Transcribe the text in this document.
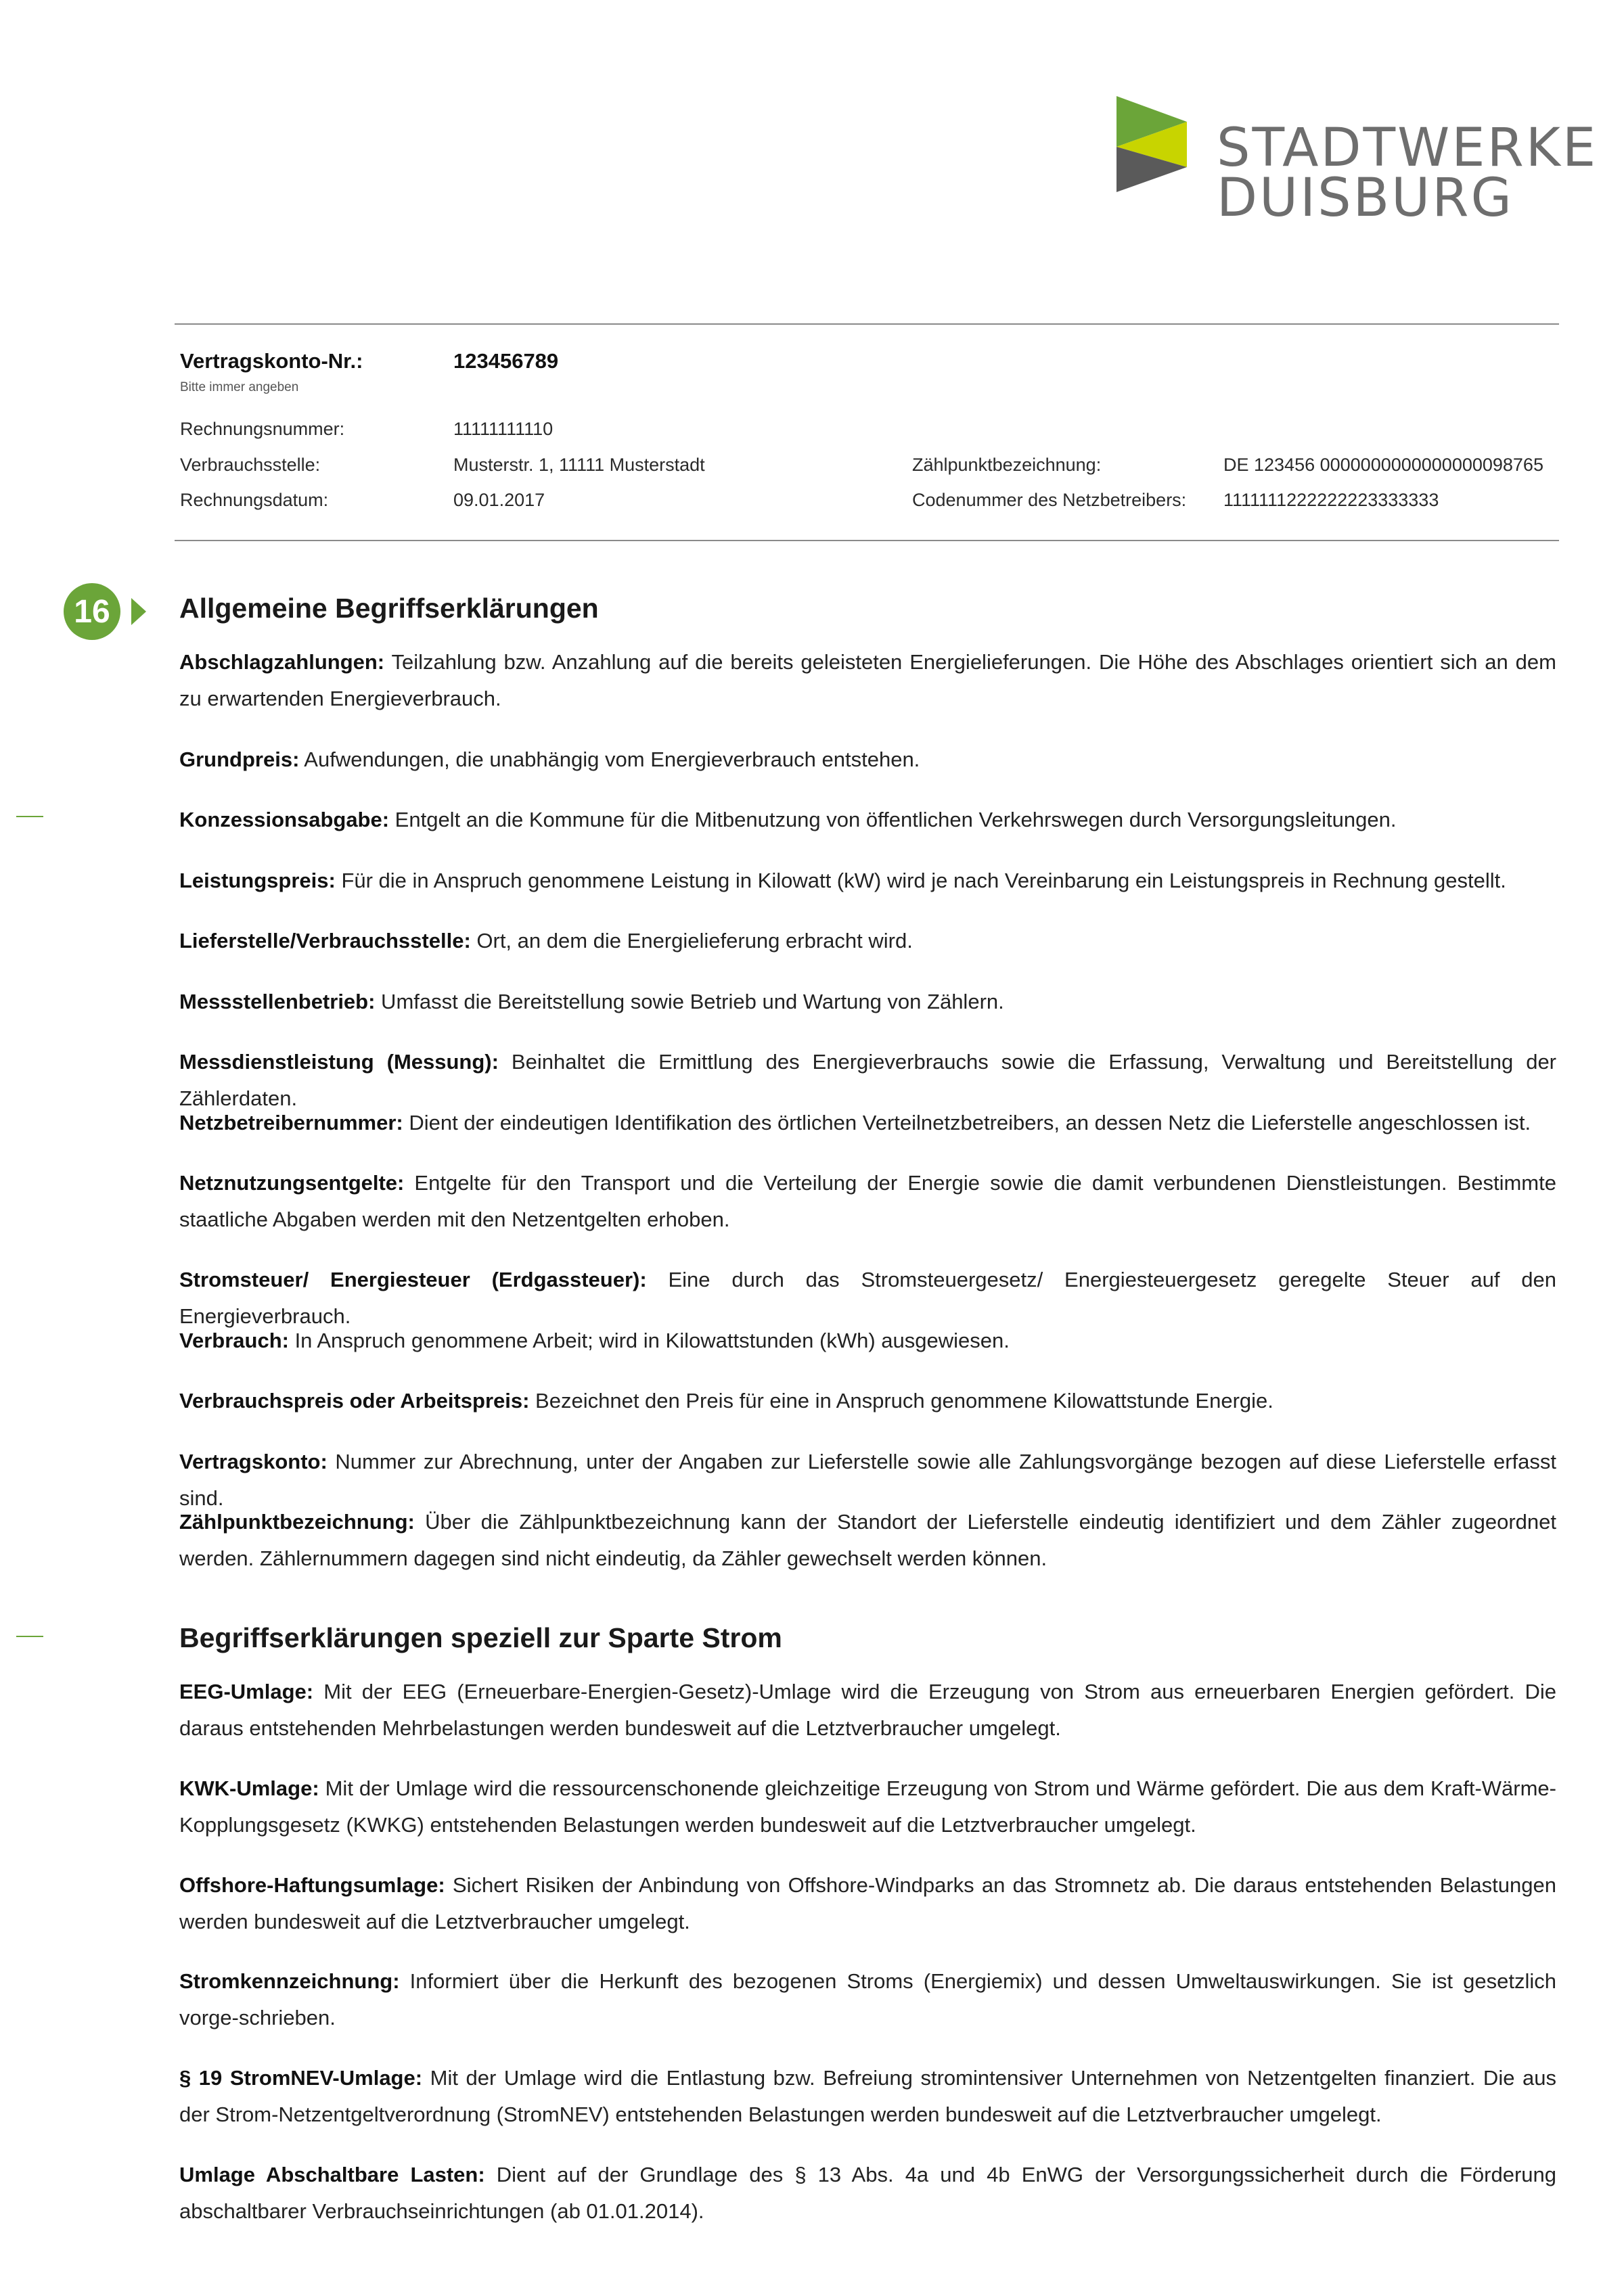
STADTWERKE
DUISBURG
Vertragskonto-Nr.:	123456789
Bitte immer angeben
Rechnungsnummer:	11111111110
Verbrauchsstelle:	Musterstr. 1, 11111 Musterstadt	Zählpunktbezeichnung:	DE 123456 0000000000000000098765
Rechnungsdatum:	09.01.2017	Codenummer des Netzbetreibers: 1111111222222223333333
16	Allgemeine Begriffserklärungen
Abschlagzahlungen: Teilzahlung bzw. Anzahlung auf die bereits geleisteten Energielieferungen. Die Höhe des Abschlages orientiert sich an dem zu erwartenden Energieverbrauch.
Grundpreis: Aufwendungen, die unabhängig vom Energieverbrauch entstehen.
Konzessionsabgabe: Entgelt an die Kommune für die Mitbenutzung von öffentlichen Verkehrswegen durch Versorgungsleitungen.
Leistungspreis: Für die in Anspruch genommene Leistung in Kilowatt (kW) wird je nach Vereinbarung ein Leistungspreis in Rechnung gestellt.
Lieferstelle/Verbrauchsstelle: Ort, an dem die Energielieferung erbracht wird.
Messstellenbetrieb: Umfasst die Bereitstellung sowie Betrieb und Wartung von Zählern.
Messdienstleistung (Messung): Beinhaltet die Ermittlung des Energieverbrauchs sowie die Erfassung, Verwaltung und Bereitstellung der Zählerdaten.
Netzbetreibernummer: Dient der eindeutigen Identifikation des örtlichen Verteilnetzbetreibers, an dessen Netz die Lieferstelle angeschlossen ist.
Netznutzungsentgelte: Entgelte für den Transport und die Verteilung der Energie sowie die damit verbundenen Dienstleistungen. Bestimmte staatliche Abgaben werden mit den Netzentgelten erhoben.
Stromsteuer/ Energiesteuer (Erdgassteuer): Eine durch das Stromsteuergesetz/ Energiesteuergesetz geregelte Steuer auf den Energieverbrauch.
Verbrauch: In Anspruch genommene Arbeit; wird in Kilowattstunden (kWh) ausgewiesen.
Verbrauchspreis oder Arbeitspreis: Bezeichnet den Preis für eine in Anspruch genommene Kilowattstunde Energie.
Vertragskonto: Nummer zur Abrechnung, unter der Angaben zur Lieferstelle sowie alle Zahlungsvorgänge bezogen auf diese Lieferstelle erfasst sind.
Zählpunktbezeichnung: Über die Zählpunktbezeichnung kann der Standort der Lieferstelle eindeutig identifiziert und dem Zähler zugeordnet werden. Zählernummern dagegen sind nicht eindeutig, da Zähler gewechselt werden können.
Begriffserklärungen speziell zur Sparte Strom
EEG-Umlage: Mit der EEG (Erneuerbare-Energien-Gesetz)-Umlage wird die Erzeugung von Strom aus erneuerbaren Energien gefördert. Die daraus entstehenden Mehrbelastungen werden bundesweit auf die Letztverbraucher umgelegt.
KWK-Umlage: Mit der Umlage wird die ressourcenschonende gleichzeitige Erzeugung von Strom und Wärme gefördert. Die aus dem Kraft-Wärme-Kopplungsgesetz (KWKG) entstehenden Belastungen werden bundesweit auf die Letztverbraucher umgelegt.
Offshore-Haftungsumlage: Sichert Risiken der Anbindung von Offshore-Windparks an das Stromnetz ab. Die daraus entstehenden Belastungen werden bundesweit auf die Letztverbraucher umgelegt.
Stromkennzeichnung: Informiert über die Herkunft des bezogenen Stroms (Energiemix) und dessen Umweltauswirkungen. Sie ist gesetzlich vorge-schrieben.
§ 19 StromNEV-Umlage: Mit der Umlage wird die Entlastung bzw. Befreiung stromintensiver Unternehmen von Netzentgelten finanziert. Die aus der Strom-Netzentgeltverordnung (StromNEV) entstehenden Belastungen werden bundesweit auf die Letztverbraucher umgelegt.
Umlage Abschaltbare Lasten: Dient auf der Grundlage des § 13 Abs. 4a und 4b EnWG der Versorgungssicherheit durch die Förderung abschaltbarer Verbrauchseinrichtungen (ab 01.01.2014).
